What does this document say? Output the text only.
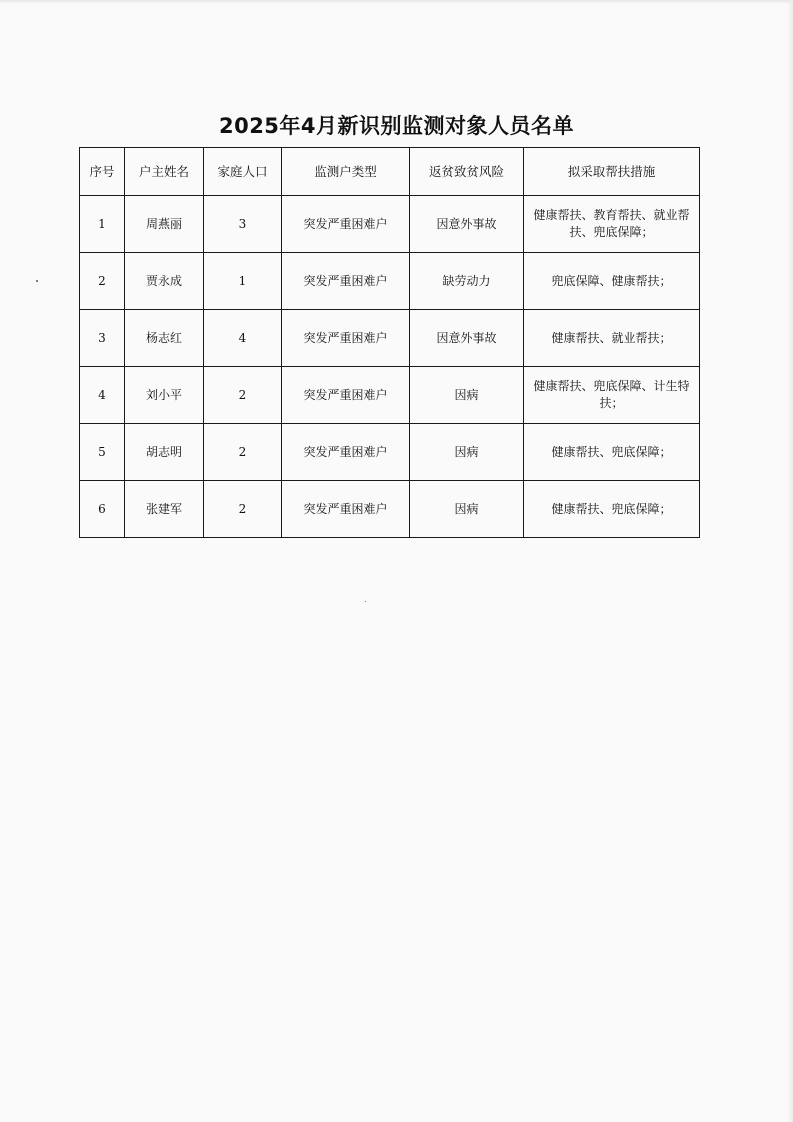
2025年4月新识别监测对象人员名单
序号	户主姓名	家庭人口	监测户类型	返贫致贫风险	拟采取帮扶措施
1	周燕丽	3	突发严重困难户	因意外事故	健康帮扶、教育帮扶、就业帮扶、兜底保障；
2	贾永成	1	突发严重困难户	缺劳动力	兜底保障、健康帮扶；
3	杨志红	4	突发严重困难户	因意外事故	健康帮扶、就业帮扶；
4	刘小平	2	突发严重困难户	因病	健康帮扶、兜底保障、计生特扶；
5	胡志明	2	突发严重困难户	因病	健康帮扶、兜底保障；
6	张建军	2	突发严重困难户	因病	健康帮扶、兜底保障；
